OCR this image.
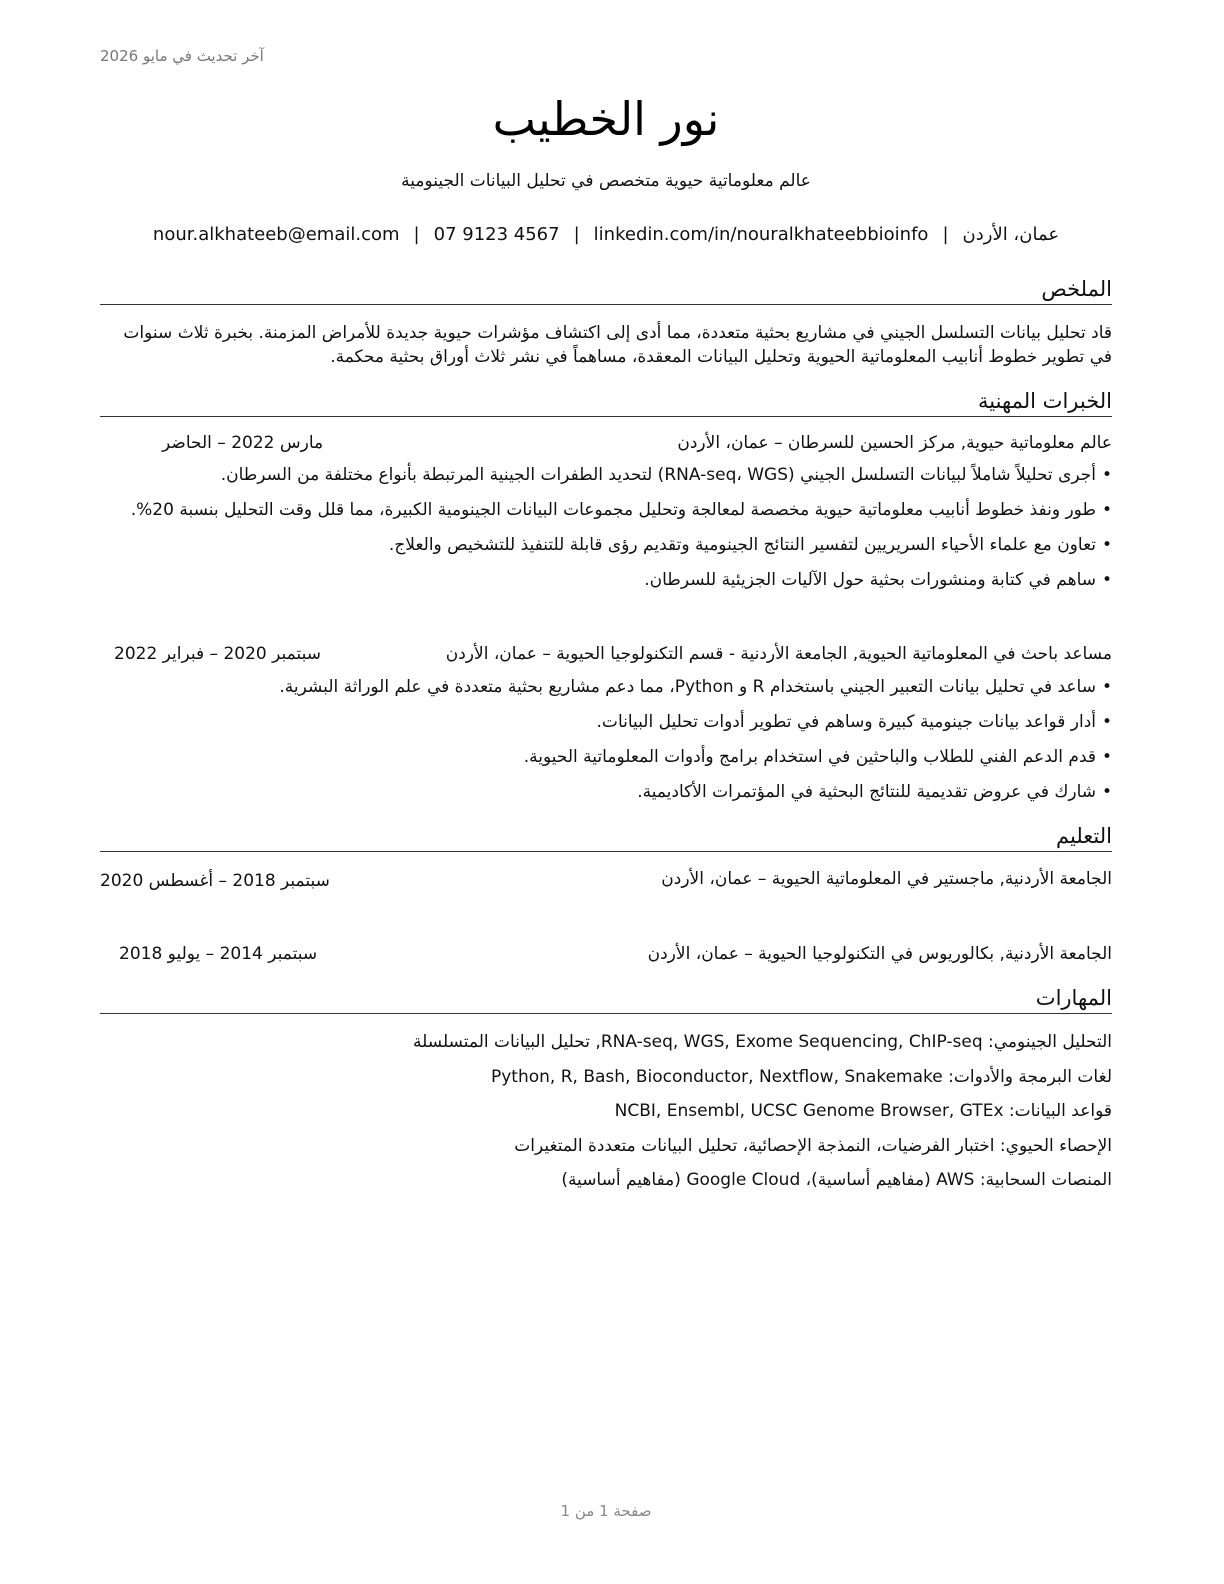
آخر تحديث في مايو 2026
نور الخطيب
عالم معلوماتية حيوية متخصص في تحليل البيانات الجينومية
عمان، الأردن|nour.alkhateeb@email.com | 07 9123 4567 | linkedin.com/in/nouralkhateebbioinfo
الملخص

قاد تحليل بيانات التسلسل الجيني في مشاريع بحثية متعددة، مما أدى إلى اكتشاف مؤشرات حيوية جديدة للأمراض المزمنة. بخبرة ثلاث سنوات في تطوير خطوط أنابيب المعلوماتية الحيوية وتحليل البيانات المعقدة، مساهماً في نشر ثلاث أوراق بحثية محكمة.

الخبرات المهنية
عالم معلوماتية حيوية, مركز الحسين للسرطان – عمان، الأردن
مارس 2022 – الحاضر
• أجرى تحليلاً شاملاً لبيانات التسلسل الجيني (RNA-seq، WGS) لتحديد الطفرات الجينية المرتبطة بأنواع مختلفة من السرطان.
• طور ونفذ خطوط أنابيب معلوماتية حيوية مخصصة لمعالجة وتحليل مجموعات البيانات الجينومية الكبيرة، مما قلل وقت التحليل بنسبة 20%.
• تعاون مع علماء الأحياء السريريين لتفسير النتائج الجينومية وتقديم رؤى قابلة للتنفيذ للتشخيص والعلاج.
• ساهم في كتابة ومنشورات بحثية حول الآليات الجزيئية للسرطان.
مساعد باحث في المعلوماتية الحيوية, الجامعة الأردنية - قسم التكنولوجيا الحيوية – عمان، الأردن
سبتمبر 2020 – فبراير 2022
• ساعد في تحليل بيانات التعبير الجيني باستخدام R و Python، مما دعم مشاريع بحثية متعددة في علم الوراثة البشرية.
• أدار قواعد بيانات جينومية كبيرة وساهم في تطوير أدوات تحليل البيانات.
• قدم الدعم الفني للطلاب والباحثين في استخدام برامج وأدوات المعلوماتية الحيوية.
• شارك في عروض تقديمية للنتائج البحثية في المؤتمرات الأكاديمية.
التعليم
الجامعة الأردنية, ماجستير في المعلوماتية الحيوية – عمان، الأردن
سبتمبر 2018 – أغسطس 2020
الجامعة الأردنية, بكالوريوس في التكنولوجيا الحيوية – عمان، الأردن
سبتمبر 2014 – يوليو 2018
المهارات
التحليل الجينومي: RNA-seq, WGS, Exome Sequencing, ChIP-seq, تحليل البيانات المتسلسلة
لغات البرمجة والأدوات: Python, R, Bash, Bioconductor, Nextflow, Snakemake
قواعد البيانات: NCBI, Ensembl, UCSC Genome Browser, GTEx
الإحصاء الحيوي: اختبار الفرضيات، النمذجة الإحصائية، تحليل البيانات متعددة المتغيرات
المنصات السحابية: AWS (مفاهيم أساسية)، Google Cloud (مفاهيم أساسية)
صفحة 1 من 1
